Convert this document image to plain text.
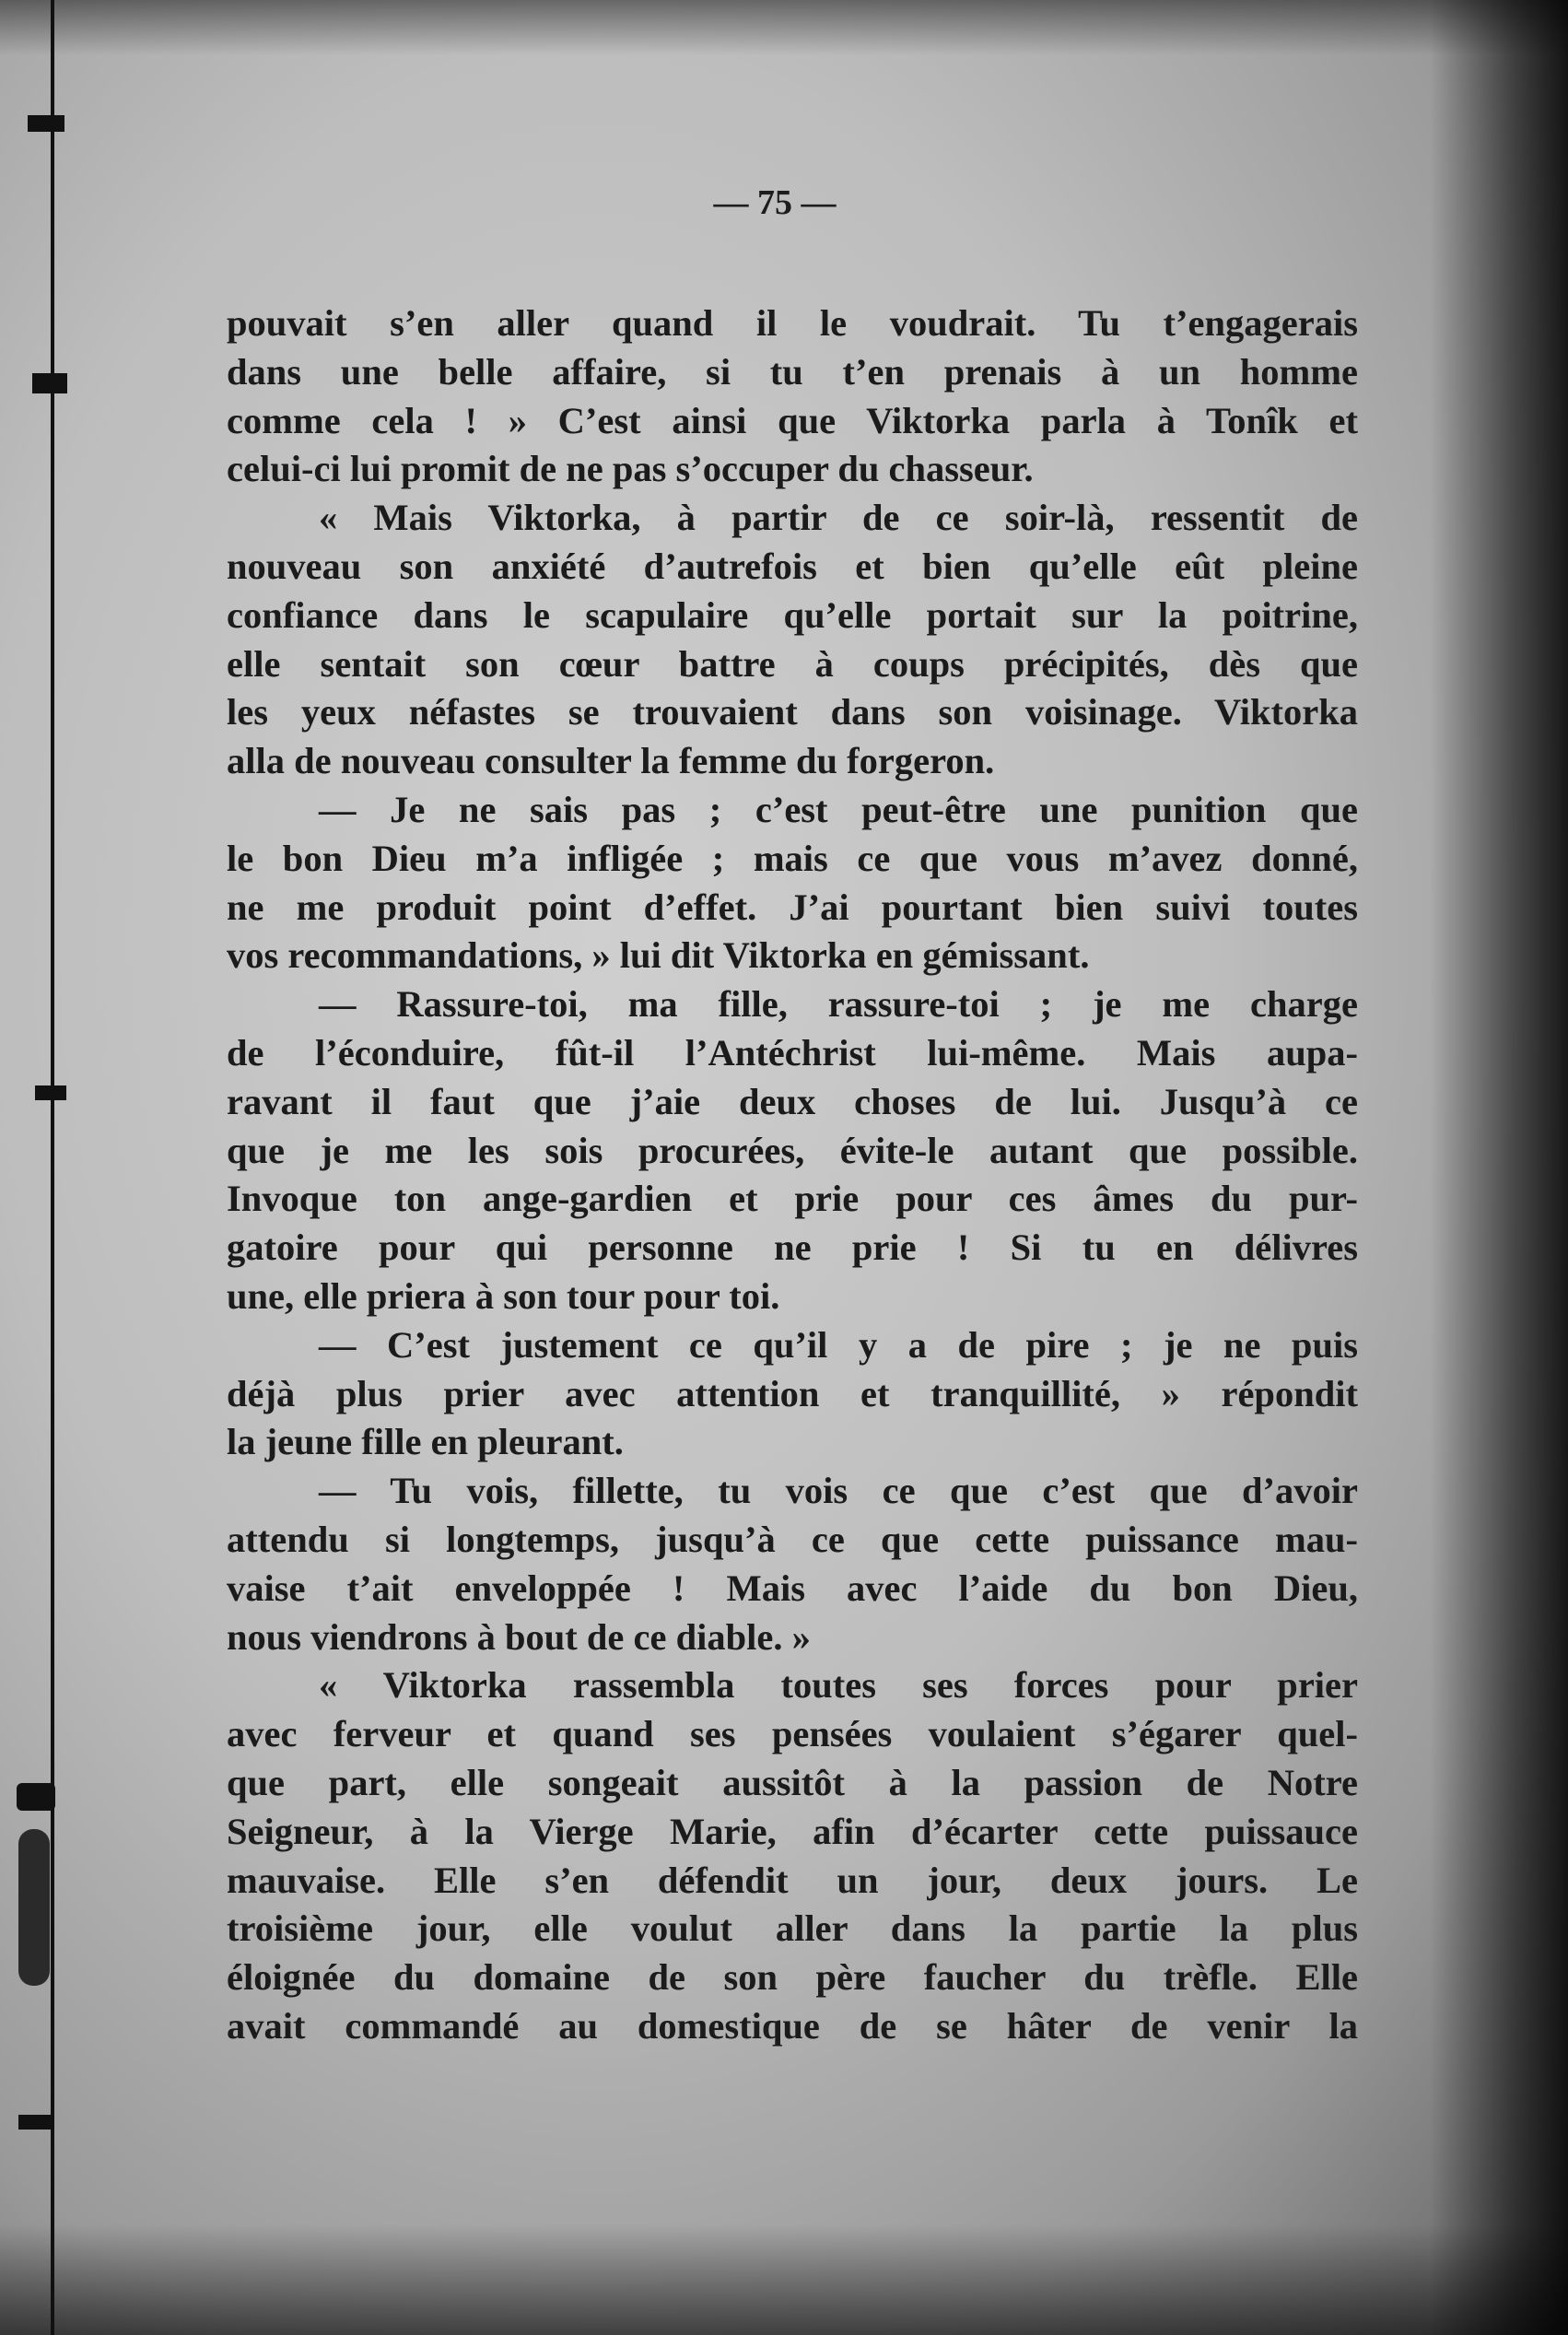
— 75 —

pouvait s’en aller quand il le voudrait. Tu t’engagerais

dans une belle affaire, si tu t’en prenais à un homme

comme cela ! » C’est ainsi que Viktorka parla à Tonîk et

celui-ci lui promit de ne pas s’occuper du chasseur.

« Mais Viktorka, à partir de ce soir-là, ressentit de

nouveau son anxiété d’autrefois et bien qu’elle eût pleine

confiance dans le scapulaire qu’elle portait sur la poitrine,

elle sentait son cœur battre à coups précipités, dès que

les yeux néfastes se trouvaient dans son voisinage. Viktorka

alla de nouveau consulter la femme du forgeron.

— Je ne sais pas ; c’est peut-être une punition que

le bon Dieu m’a infligée ; mais ce que vous m’avez donné,

ne me produit point d’effet. J’ai pourtant bien suivi toutes

vos recommandations, » lui dit Viktorka en gémissant.

— Rassure-toi, ma fille, rassure-toi ; je me charge

de l’éconduire, fût-il l’Antéchrist lui-même. Mais aupa-

ravant il faut que j’aie deux choses de lui. Jusqu’à ce

que je me les sois procurées, évite-le autant que possible.

Invoque ton ange-gardien et prie pour ces âmes du pur-

gatoire pour qui personne ne prie ! Si tu en délivres

une, elle priera à son tour pour toi.

— C’est justement ce qu’il y a de pire ; je ne puis

déjà plus prier avec attention et tranquillité, » répondit

la jeune fille en pleurant.

— Tu vois, fillette, tu vois ce que c’est que d’avoir

attendu si longtemps, jusqu’à ce que cette puissance mau-

vaise t’ait enveloppée ! Mais avec l’aide du bon Dieu,

nous viendrons à bout de ce diable. »

« Viktorka rassembla toutes ses forces pour prier

avec ferveur et quand ses pensées voulaient s’égarer quel-

que part, elle songeait aussitôt à la passion de Notre

Seigneur, à la Vierge Marie, afin d’écarter cette puissauce

mauvaise. Elle s’en défendit un jour, deux jours. Le

troisième jour, elle voulut aller dans la partie la plus

éloignée du domaine de son père faucher du trèfle. Elle

avait commandé au domestique de se hâter de venir la
